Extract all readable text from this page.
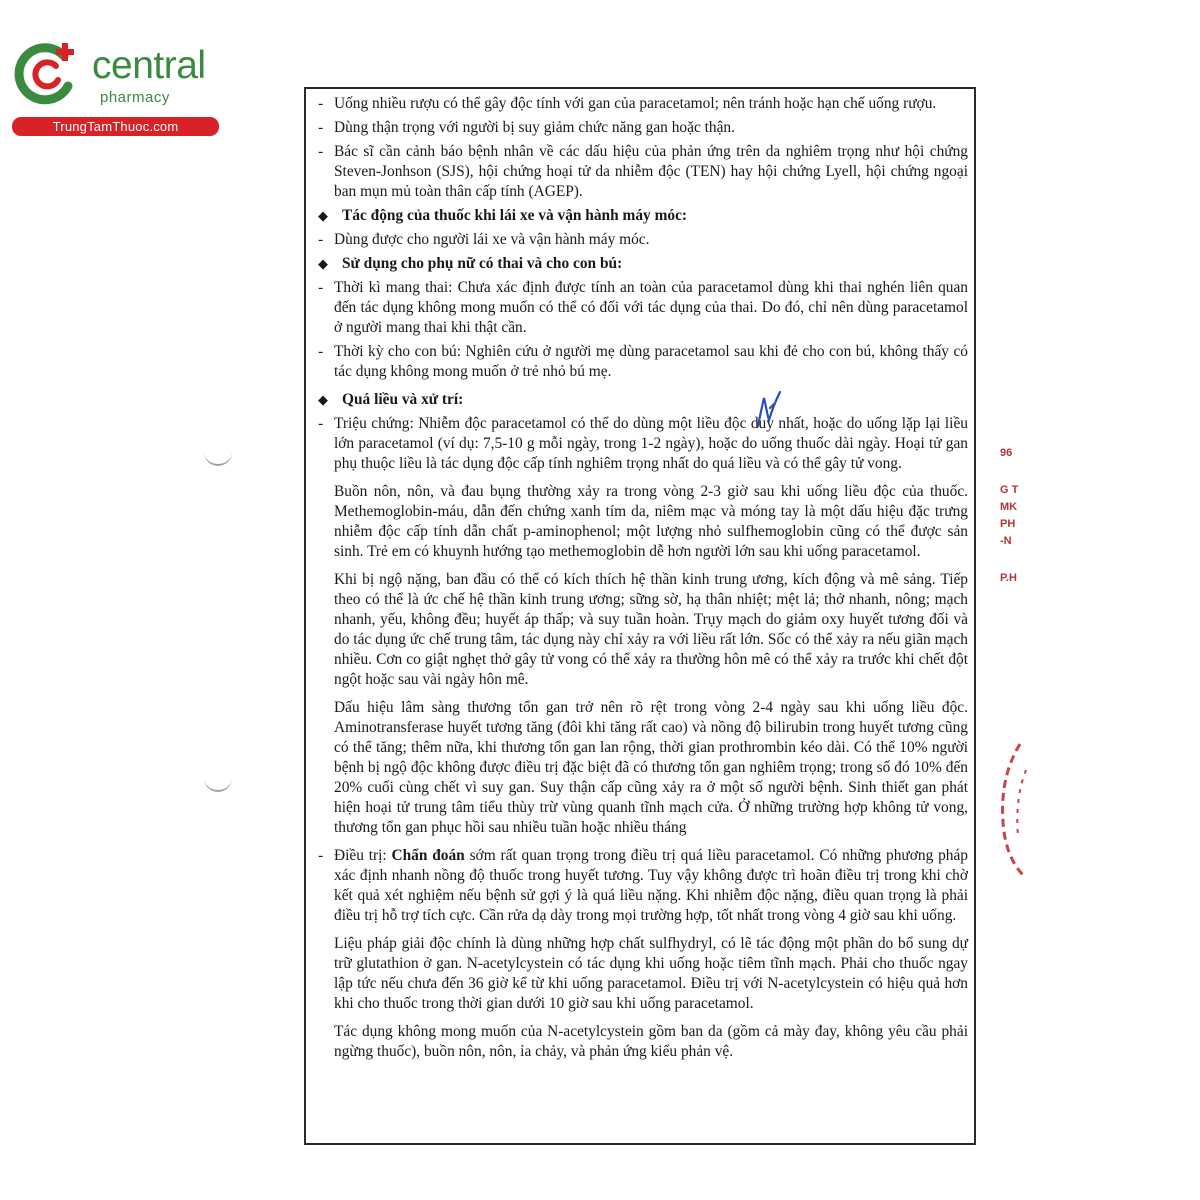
central
pharmacy
TrungTamThuoc.com
- Uống nhiều rượu có thể gây độc tính với gan của paracetamol; nên tránh hoặc hạn chế uống rượu.
- Dùng thận trọng với người bị suy giảm chức năng gan hoặc thận.
- Bác sĩ cần cảnh báo bệnh nhân về các dấu hiệu của phản ứng trên da nghiêm trọng như hội chứng Steven-Jonhson (SJS), hội chứng hoại tử da nhiễm độc (TEN) hay hội chứng Lyell, hội chứng ngoại ban mụn mủ toàn thân cấp tính (AGEP).
◆ Tác động của thuốc khi lái xe và vận hành máy móc:
- Dùng được cho người lái xe và vận hành máy móc.
◆ Sử dụng cho phụ nữ có thai và cho con bú:
- Thời kì mang thai: Chưa xác định được tính an toàn của paracetamol dùng khi thai nghén liên quan đến tác dụng không mong muốn có thể có đối với tác dụng của thai. Do đó, chỉ nên dùng paracetamol ở người mang thai khi thật cần.
- Thời kỳ cho con bú: Nghiên cứu ở người mẹ dùng paracetamol sau khi đẻ cho con bú, không thấy có tác dụng không mong muốn ở trẻ nhỏ bú mẹ.
◆ Quá liều và xử trí:
- Triệu chứng: Nhiễm độc paracetamol có thể do dùng một liều độc duy nhất, hoặc do uống lặp lại liều lớn paracetamol (ví dụ: 7,5-10 g mỗi ngày, trong 1-2 ngày), hoặc do uống thuốc dài ngày. Hoại tử gan phụ thuộc liều là tác dụng độc cấp tính nghiêm trọng nhất do quá liều và có thể gây tử vong.
Buồn nôn, nôn, và đau bụng thường xảy ra trong vòng 2-3 giờ sau khi uống liều độc của thuốc. Methemoglobin-máu, dẫn đến chứng xanh tím da, niêm mạc và móng tay là một dấu hiệu đặc trưng nhiễm độc cấp tính dẫn chất p-aminophenol; một lượng nhỏ sulfhemoglobin cũng có thể được sản sinh. Trẻ em có khuynh hướng tạo methemoglobin dễ hơn người lớn sau khi uống paracetamol.
Khi bị ngộ nặng, ban đầu có thể có kích thích hệ thần kinh trung ương, kích động và mê sảng. Tiếp theo có thể là ức chế hệ thần kinh trung ương; sững sờ, hạ thân nhiệt; mệt lả; thở nhanh, nông; mạch nhanh, yếu, không đều; huyết áp thấp; và suy tuần hoàn. Trụy mạch do giảm oxy huyết tương đối và do tác dụng ức chế trung tâm, tác dụng này chỉ xảy ra với liều rất lớn. Sốc có thể xảy ra nếu giãn mạch nhiều. Cơn co giật nghẹt thở gây tử vong có thể xảy ra thường hôn mê có thể xảy ra trước khi chết đột ngột hoặc sau vài ngày hôn mê.
Dấu hiệu lâm sàng thương tổn gan trở nên rõ rệt trong vòng 2-4 ngày sau khi uống liều độc. Aminotransferase huyết tương tăng (đôi khi tăng rất cao) và nồng độ bilirubin trong huyết tương cũng có thể tăng; thêm nữa, khi thương tổn gan lan rộng, thời gian prothrombin kéo dài. Có thể 10% người bệnh bị ngộ độc không được điều trị đặc biệt đã có thương tổn gan nghiêm trọng; trong số đó 10% đến 20% cuối cùng chết vì suy gan. Suy thận cấp cũng xảy ra ở một số người bệnh. Sinh thiết gan phát hiện hoại tử trung tâm tiểu thùy trừ vùng quanh tĩnh mạch cửa. Ở những trường hợp không tử vong, thương tổn gan phục hồi sau nhiều tuần hoặc nhiều tháng
- Điều trị: Chẩn đoán sớm rất quan trọng trong điều trị quá liều paracetamol. Có những phương pháp xác định nhanh nồng độ thuốc trong huyết tương. Tuy vậy không được trì hoãn điều trị trong khi chờ kết quả xét nghiệm nếu bệnh sử gợi ý là quá liều nặng. Khi nhiễm độc nặng, điều quan trọng là phải điều trị hỗ trợ tích cực. Cần rửa dạ dày trong mọi trường hợp, tốt nhất trong vòng 4 giờ sau khi uống.
Liệu pháp giải độc chính là dùng những hợp chất sulfhydryl, có lẽ tác động một phần do bổ sung dự trữ glutathion ở gan. N-acetylcystein có tác dụng khi uống hoặc tiêm tĩnh mạch. Phải cho thuốc ngay lập tức nếu chưa đến 36 giờ kể từ khi uống paracetamol. Điều trị với N-acetylcystein có hiệu quả hơn khi cho thuốc trong thời gian dưới 10 giờ sau khi uống paracetamol.
Tác dụng không mong muốn của N-acetylcystein gồm ban da (gồm cả mày đay, không yêu cầu phải ngừng thuốc), buồn nôn, nôn, ỉa chảy, và phản ứng kiểu phản vệ.
96
G T
MK
PH
-N
P.H
